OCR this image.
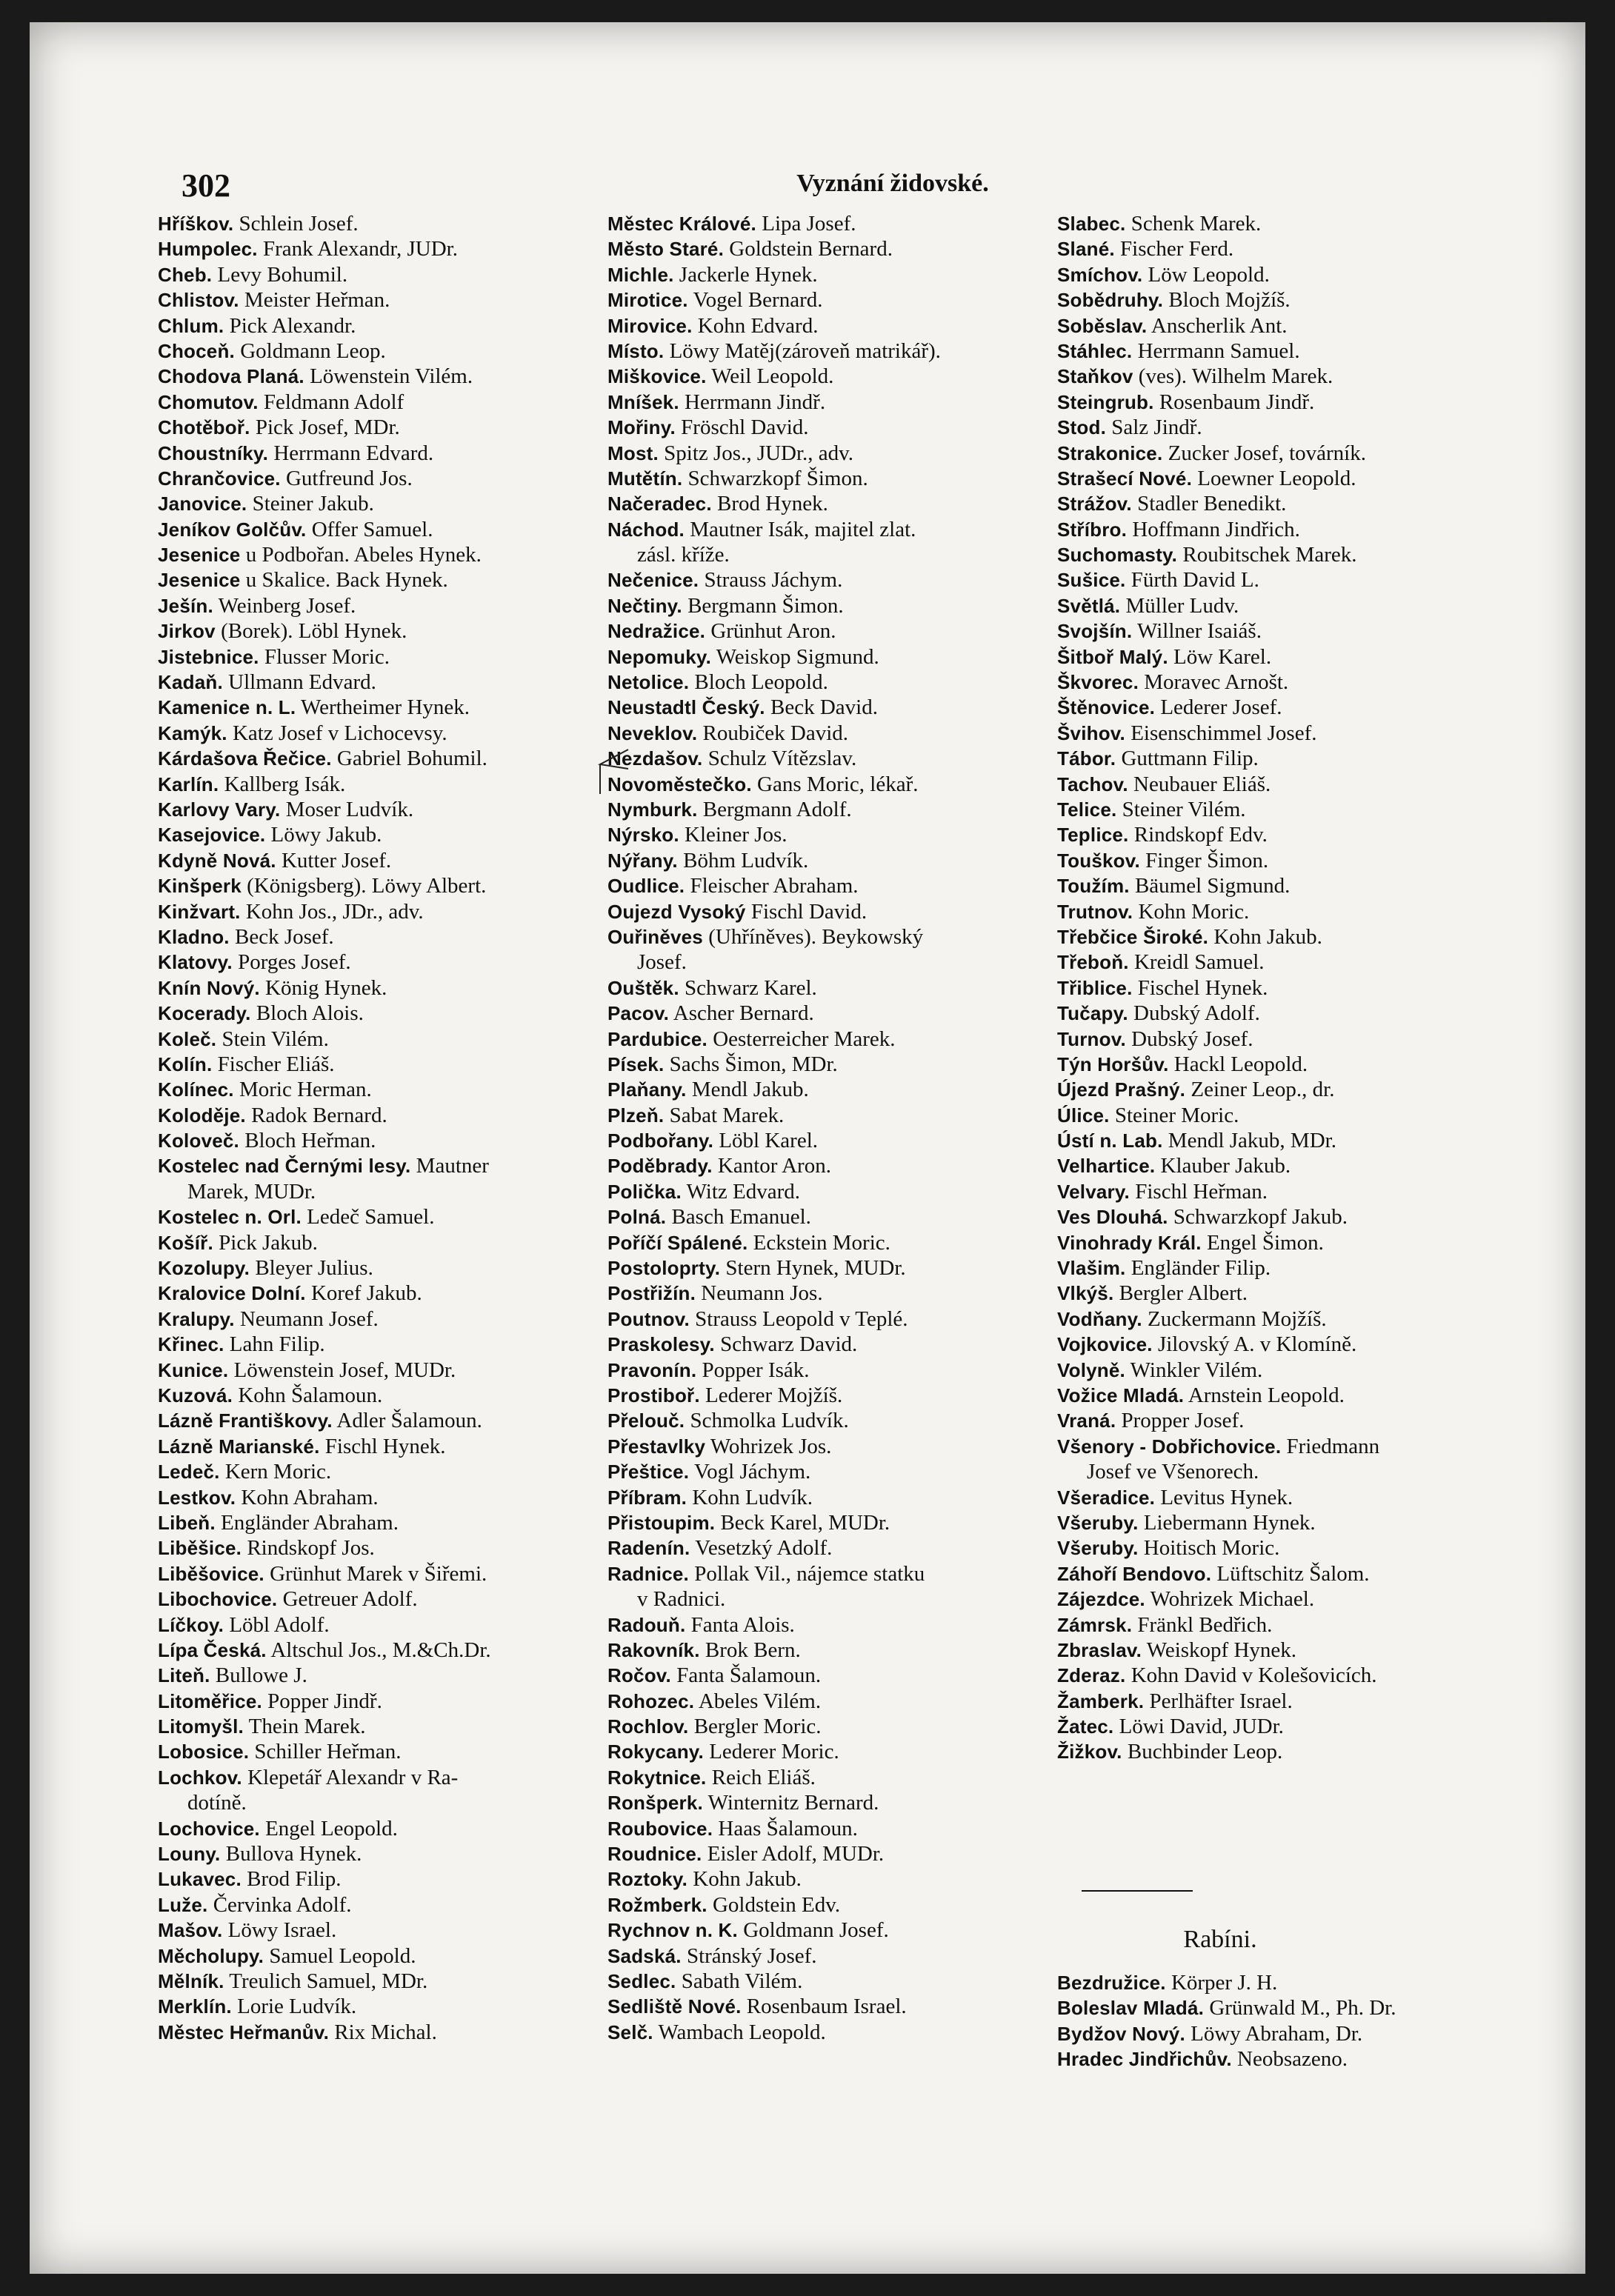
302	Vyznání židovské.
Hříškov. Schlein Josef.
Humpolec. Frank Alexandr, JUDr.
Cheb. Levy Bohumil.
Chlistov. Meister Heřman.
Chlum. Pick Alexandr.
Choceň. Goldmann Leop.
Chodova Planá. Löwenstein Vilém.
Chomutov. Feldmann Adolf
Chotěboř. Pick Josef, MDr.
Choustníky. Herrmann Edvard.
Chrančovice. Gutfreund Jos.
Janovice. Steiner Jakub.
Jeníkov Golčův. Offer Samuel.
Jesenice u Podbořan. Abeles Hynek.
Jesenice u Skalice. Back Hynek.
Ješín. Weinberg Josef.
Jirkov (Borek). Löbl Hynek.
Jistebnice. Flusser Moric.
Kadaň. Ullmann Edvard.
Kamenice n. L. Wertheimer Hynek.
Kamýk. Katz Josef v Lichocevsy.
Kárdašova Řečice. Gabriel Bohumil.
Karlín. Kallberg Isák.
Karlovy Vary. Moser Ludvík.
Kasejovice. Löwy Jakub.
Kdyně Nová. Kutter Josef.
Kinšperk (Königsberg). Löwy Albert.
Kinžvart. Kohn Jos., JDr., adv.
Kladno. Beck Josef.
Klatovy. Porges Josef.
Knín Nový. König Hynek.
Kocerady. Bloch Alois.
Koleč. Stein Vilém.
Kolín. Fischer Eliáš.
Kolínec. Moric Herman.
Koloděje. Radok Bernard.
Koloveč. Bloch Heřman.
Kostelec nad Černými lesy. Mautner
Marek, MUDr.
Kostelec n. Orl. Ledeč Samuel.
Košíř. Pick Jakub.
Kozolupy. Bleyer Julius.
Kralovice Dolní. Koref Jakub.
Kralupy. Neumann Josef.
Křinec. Lahn Filip.
Kunice. Löwenstein Josef, MUDr.
Kuzová. Kohn Šalamoun.
Lázně Františkovy. Adler Šalamoun.
Lázně Marianské. Fischl Hynek.
Ledeč. Kern Moric.
Lestkov. Kohn Abraham.
Libeň. Engländer Abraham.
Liběšice. Rindskopf Jos.
Liběšovice. Grünhut Marek v Šiřemi.
Libochovice. Getreuer Adolf.
Líčkoy. Löbl Adolf.
Lípa Česká. Altschul Jos., M.&Ch.Dr.
Liteň. Bullowe J.
Litoměřice. Popper Jindř.
Litomyšl. Thein Marek.
Lobosice. Schiller Heřman.
Lochkov. Klepetář Alexandr v Ra-
dotíně.
Lochovice. Engel Leopold.
Louny. Bullova Hynek.
Lukavec. Brod Filip.
Luže. Červinka Adolf.
Mašov. Löwy Israel.
Měcholupy. Samuel Leopold.
Mělník. Treulich Samuel, MDr.
Merklín. Lorie Ludvík.
Městec Heřmanův. Rix Michal.
Městec Králové. Lipa Josef.
Město Staré. Goldstein Bernard.
Michle. Jackerle Hynek.
Mirotice. Vogel Bernard.
Mirovice. Kohn Edvard.
Místo. Löwy Matěj(zároveň matrikář).
Miškovice. Weil Leopold.
Mníšek. Herrmann Jindř.
Mořiny. Fröschl David.
Most. Spitz Jos., JUDr., adv.
Mutětín. Schwarzkopf Šimon.
Načeradec. Brod Hynek.
Náchod. Mautner Isák, majitel zlat.
zásl. kříže.
Nečenice. Strauss Jáchym.
Nečtiny. Bergmann Šimon.
Nedražice. Grünhut Aron.
Nepomuky. Weiskop Sigmund.
Netolice. Bloch Leopold.
Neustadtl Český. Beck David.
Neveklov. Roubiček David.
Nezdašov. Schulz Vítězslav.
Novoměstečko. Gans Moric, lékař.
Nymburk. Bergmann Adolf.
Nýrsko. Kleiner Jos.
Nýřany. Böhm Ludvík.
Oudlice. Fleischer Abraham.
Oujezd Vysoký Fischl David.
Ouřiněves (Uhříněves). Beykowský
Josef.
Ouštěk. Schwarz Karel.
Pacov. Ascher Bernard.
Pardubice. Oesterreicher Marek.
Písek. Sachs Šimon, MDr.
Plaňany. Mendl Jakub.
Plzeň. Sabat Marek.
Podbořany. Löbl Karel.
Poděbrady. Kantor Aron.
Polička. Witz Edvard.
Polná. Basch Emanuel.
Poříčí Spálené. Eckstein Moric.
Postoloprty. Stern Hynek, MUDr.
Postřižín. Neumann Jos.
Poutnov. Strauss Leopold v Teplé.
Praskolesy. Schwarz David.
Pravonín. Popper Isák.
Prostiboř. Lederer Mojžíš.
Přelouč. Schmolka Ludvík.
Přestavlky Wohrizek Jos.
Přeštice. Vogl Jáchym.
Příbram. Kohn Ludvík.
Přistoupim. Beck Karel, MUDr.
Radenín. Vesetzký Adolf.
Radnice. Pollak Vil., nájemce statku
v Radnici.
Radouň. Fanta Alois.
Rakovník. Brok Bern.
Ročov. Fanta Šalamoun.
Rohozec. Abeles Vilém.
Rochlov. Bergler Moric.
Rokycany. Lederer Moric.
Rokytnice. Reich Eliáš.
Ronšperk. Winternitz Bernard.
Roubovice. Haas Šalamoun.
Roudnice. Eisler Adolf, MUDr.
Roztoky. Kohn Jakub.
Rožmberk. Goldstein Edv.
Rychnov n. K. Goldmann Josef.
Sadská. Stránský Josef.
Sedlec. Sabath Vilém.
Sedliště Nové. Rosenbaum Israel.
Selč. Wambach Leopold.
Slabec. Schenk Marek.
Slané. Fischer Ferd.
Smíchov. Löw Leopold.
Sobědruhy. Bloch Mojžíš.
Soběslav. Anscherlik Ant.
Stáhlec. Herrmann Samuel.
Staňkov (ves). Wilhelm Marek.
Steingrub. Rosenbaum Jindř.
Stod. Salz Jindř.
Strakonice. Zucker Josef, továrník.
Strašecí Nové. Loewner Leopold.
Strážov. Stadler Benedikt.
Stříbro. Hoffmann Jindřich.
Suchomasty. Roubitschek Marek.
Sušice. Fürth David L.
Světlá. Müller Ludv.
Svojšín. Willner Isaiáš.
Šitboř Malý. Löw Karel.
Škvorec. Moravec Arnošt.
Štěnovice. Lederer Josef.
Švihov. Eisenschimmel Josef.
Tábor. Guttmann Filip.
Tachov. Neubauer Eliáš.
Telice. Steiner Vilém.
Teplice. Rindskopf Edv.
Touškov. Finger Šimon.
Toužím. Bäumel Sigmund.
Trutnov. Kohn Moric.
Třebčice Široké. Kohn Jakub.
Třeboň. Kreidl Samuel.
Třiblice. Fischel Hynek.
Tučapy. Dubský Adolf.
Turnov. Dubský Josef.
Týn Horšův. Hackl Leopold.
Újezd Prašný. Zeiner Leop., dr.
Úlice. Steiner Moric.
Ústí n. Lab. Mendl Jakub, MDr.
Velhartice. Klauber Jakub.
Velvary. Fischl Heřman.
Ves Dlouhá. Schwarzkopf Jakub.
Vinohrady Král. Engel Šimon.
Vlašim. Engländer Filip.
Vlkýš. Bergler Albert.
Vodňany. Zuckermann Mojžíš.
Vojkovice. Jilovský A. v Klomíně.
Volyně. Winkler Vilém.
Vožice Mladá. Arnstein Leopold.
Vraná. Propper Josef.
Všenory - Dobřichovice. Friedmann
Josef ve Všenorech.
Všeradice. Levitus Hynek.
Všeruby. Liebermann Hynek.
Všeruby. Hoitisch Moric.
Záhoří Bendovo. Lüftschitz Šalom.
Zájezdce. Wohrizek Michael.
Zámrsk. Fränkl Bedřich.
Zbraslav. Weiskopf Hynek.
Zderaz. Kohn David v Kolešovicích.
Žamberk. Perlhäfter Israel.
Žatec. Löwi David, JUDr.
Žižkov. Buchbinder Leop.
Rabíni.
Bezdružice. Körper J. H.
Boleslav Mladá. Grünwald M., Ph. Dr.
Bydžov Nový. Löwy Abraham, Dr.
Hradec Jindřichův. Neobsazeno.
